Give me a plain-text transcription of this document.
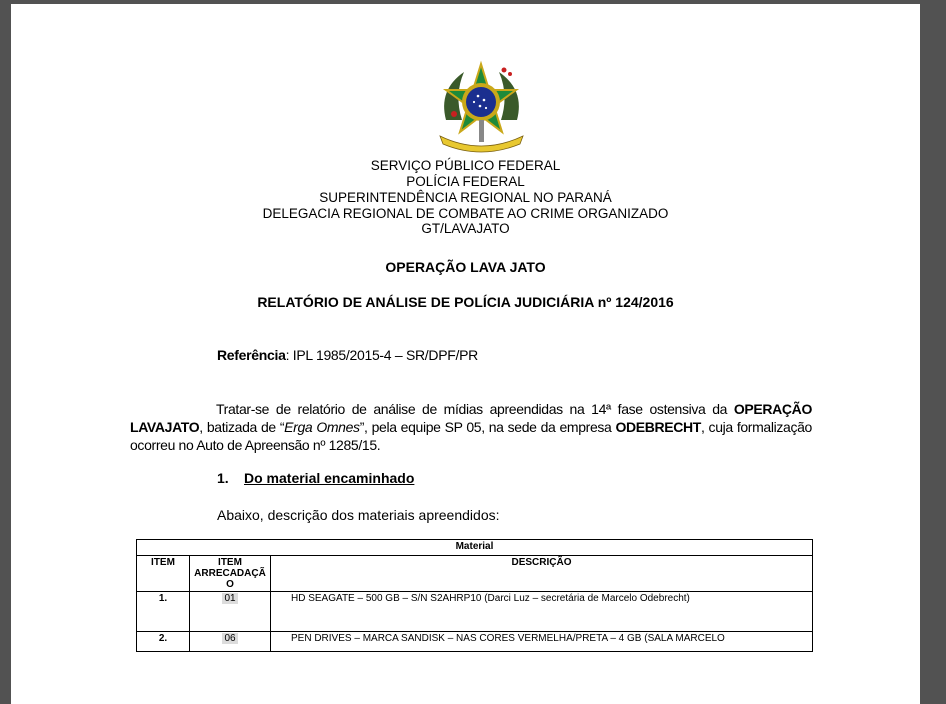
SERVIÇO PÚBLICO FEDERAL
POLÍCIA FEDERAL
SUPERINTENDÊNCIA REGIONAL NO PARANÁ
DELEGACIA REGIONAL DE COMBATE AO CRIME ORGANIZADO
GT/LAVAJATO
OPERAÇÃO LAVA JATO
RELATÓRIO DE ANÁLISE DE POLÍCIA JUDICIÁRIA nº 124/2016
Referência: IPL 1985/2015-4 – SR/DPF/PR
Tratar-se de relatório de análise de mídias apreendidas na 14ª fase ostensiva da OPERAÇÃO LAVAJATO, batizada de “Erga Omnes”, pela equipe SP 05, na sede da empresa ODEBRECHT, cuja formalização ocorreu no Auto de Apreensão nº 1285/15.
1. Do material encaminhado
Abaixo, descrição dos materiais apreendidos:
Material		
ITEM	ITEM ARRECADAÇÃ O	DESCRIÇÃO
1.	01	HD SEAGATE – 500 GB – S/N S2AHRP10 (Darci Luz – secretária de Marcelo Odebrecht)
2.	06	PEN DRIVES – MARCA SANDISK – NAS CORES VERMELHA/PRETA – 4 GB (SALA MARCELO
